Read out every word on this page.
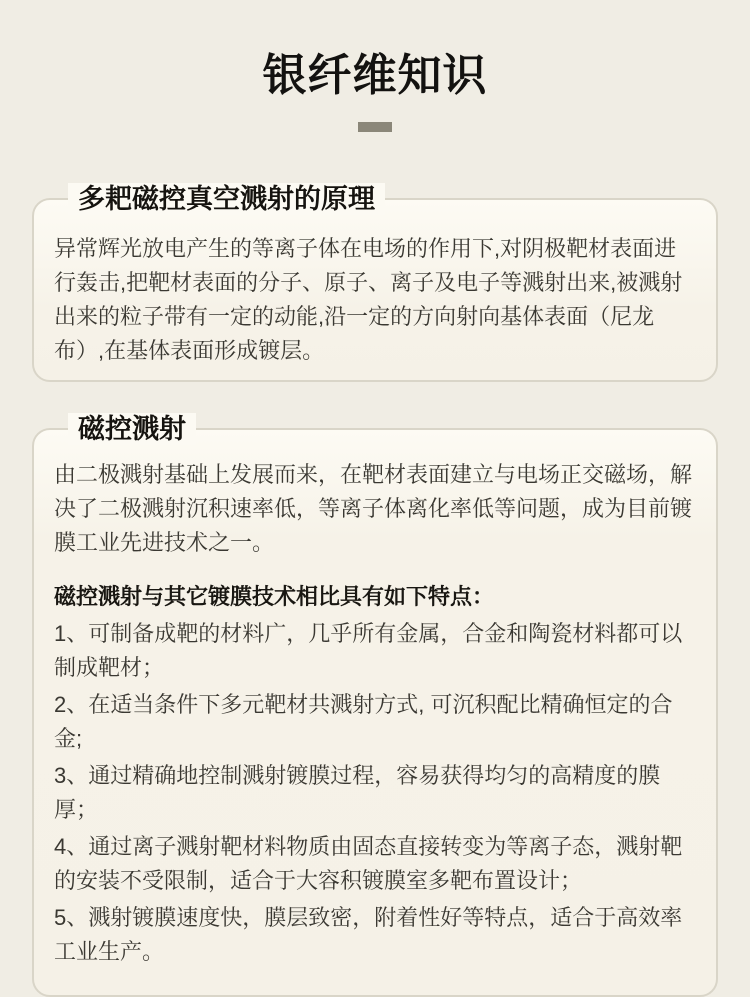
银纤维知识
多耙磁控真空溅射的原理

异常辉光放电产生的等离子体在电场的作用下,对阴极靶材表面进行轰击,把靶材表面的分子、原子、离子及电子等溅射出来,被溅射出来的粒子带有一定的动能,沿一定的方向射向基体表面（尼龙布）,在基体表面形成镀层。

磁控溅射

由二极溅射基础上发展而来，在靶材表面建立与电场正交磁场，解决了二极溅射沉积速率低，等离子体离化率低等问题，成为目前镀膜工业先进技术之一。

磁控溅射与其它镀膜技术相比具有如下特点：

1、可制备成靶的材料广，几乎所有金属，合金和陶瓷材料都可以制成靶材；

2、在适当条件下多元靶材共溅射方式, 可沉积配比精确恒定的合金;

3、通过精确地控制溅射镀膜过程，容易获得均匀的高精度的膜厚；

4、通过离子溅射靶材料物质由固态直接转变为等离子态，溅射靶的安装不受限制，适合于大容积镀膜室多靶布置设计；

5、溅射镀膜速度快，膜层致密，附着性好等特点，适合于高效率工业生产。
